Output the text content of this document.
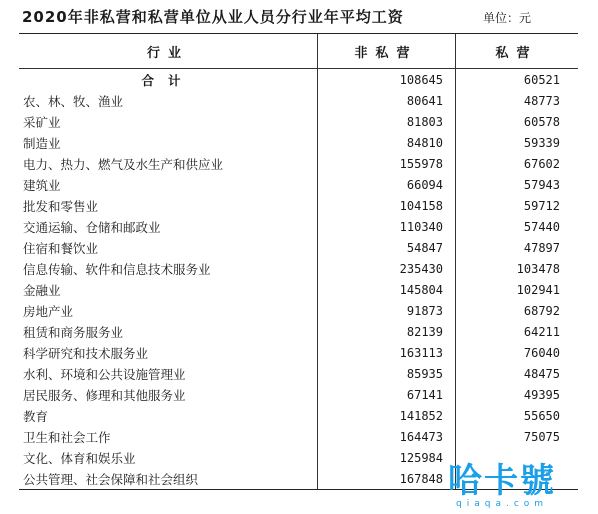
2020年非私营和私营单位从业人员分行业年平均工资	单位：元
行业	非私营	私营
合计	108645	60521
农、林、牧、渔业	80641	48773
采矿业	81803	60578
制造业	84810	59339
电力、热力、燃气及水生产和供应业	155978	67602
建筑业	66094	57943
批发和零售业	104158	59712
交通运输、仓储和邮政业	110340	57440
住宿和餐饮业	54847	47897
信息传输、软件和信息技术服务业	235430	103478
金融业	145804	102941
房地产业	91873	68792
租赁和商务服务业	82139	64211
科学研究和技术服务业	163113	76040
水利、环境和公共设施管理业	85935	48475
居民服务、修理和其他服务业	67141	49395
教育	141852	55650
卫生和社会工作	164473	75075
文化、体育和娱乐业	125984
公共管理、社会保障和社会组织	167848 哈卡號
qiaqa.com
